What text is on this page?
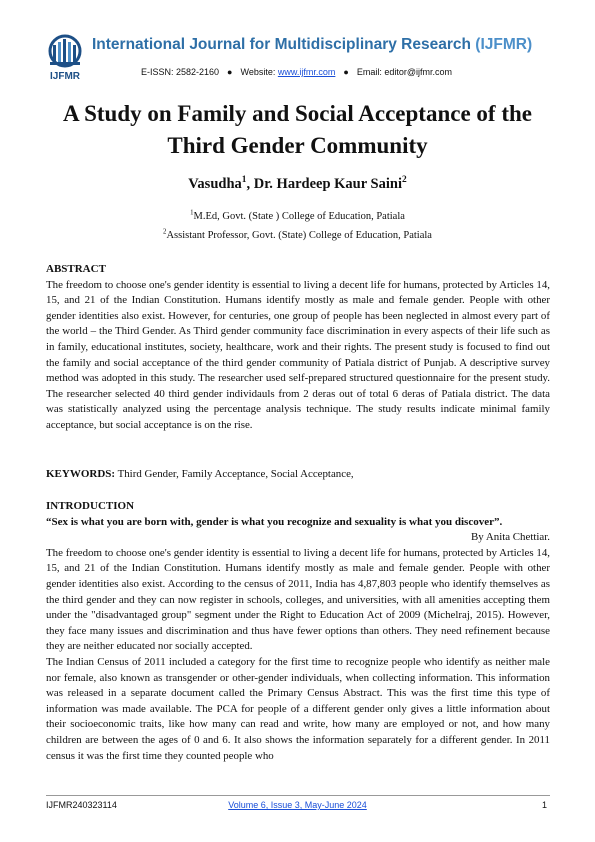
IJFMR
International Journal for Multidisciplinary Research (IJFMR)
E-ISSN: 2582-2160 ● Website: www.ijfmr.com ● Email: editor@ijfmr.com
A Study on Family and Social Acceptance of the
Third Gender Community
Vasudha$^1$, Dr. Hardeep Kaur Saini$^2$
$^1$M.Ed, Govt. (State ) College of Education, Patiala
$^2$Assistant Professor, Govt. (State) College of Education, Patiala
ABSTRACT
The freedom to choose one's gender identity is essential to living a decent life for humans, protected by Articles 14, 15, and 21 of the Indian Constitution. Humans identify mostly as male and female gender. People with other gender identities also exist. However, for centuries, one group of people has been neglected in almost every part of the world – the Third Gender. As Third gender community face discrimination in every aspects of their life such as in family, educational institutes, society, healthcare, work and their rights. The present study is focused to find out the family and social acceptance of the third gender community of Patiala district of Punjab. A descriptive survey method was adopted in this study. The researcher used self-prepared structured questionnaire for the present study. The researcher selected 40 third gender individauls from 2 deras out of total 6 deras of Patiala district. The data was statistically analyzed using the percentage analysis technique. The study results indicate minimal family acceptance, but social acceptance is on the rise.
KEYWORDS: Third Gender, Family Acceptance, Social Acceptance,
INTRODUCTION
“Sex is what you are born with, gender is what you recognize and sexuality is what you discover”.
By Anita Chettiar.
The freedom to choose one's gender identity is essential to living a decent life for humans, protected by Articles 14, 15, and 21 of the Indian Constitution. Humans identify mostly as male and female gender. People with other gender identities also exist. According to the census of 2011, India has 4,87,803 people who identify themselves as the third gender and they can now register in schools, colleges, and universities, with all amenities accepting them under the "disadvantaged group" segment under the Right to Education Act of 2009 (Michelraj, 2015). However, they face many issues and discrimination and thus have fewer options than others. They need refinement because they are neither educated nor socially accepted.
The Indian Census of 2011 included a category for the first time to recognize people who identify as neither male nor female, also known as transgender or other-gender individuals, when collecting information. This information was released in a separate document called the Primary Census Abstract. This was the first time this type of information was made available. The PCA for people of a different gender only gives a little information about their socioeconomic traits, like how many can read and write, how many are employed or not, and how many children are between the ages of 0 and 6. It also shows the information separately for a different gender. In 2011 census it was the first time they counted people who
IJFMR240323114	Volume 6, Issue 3, May-June 2024	1
